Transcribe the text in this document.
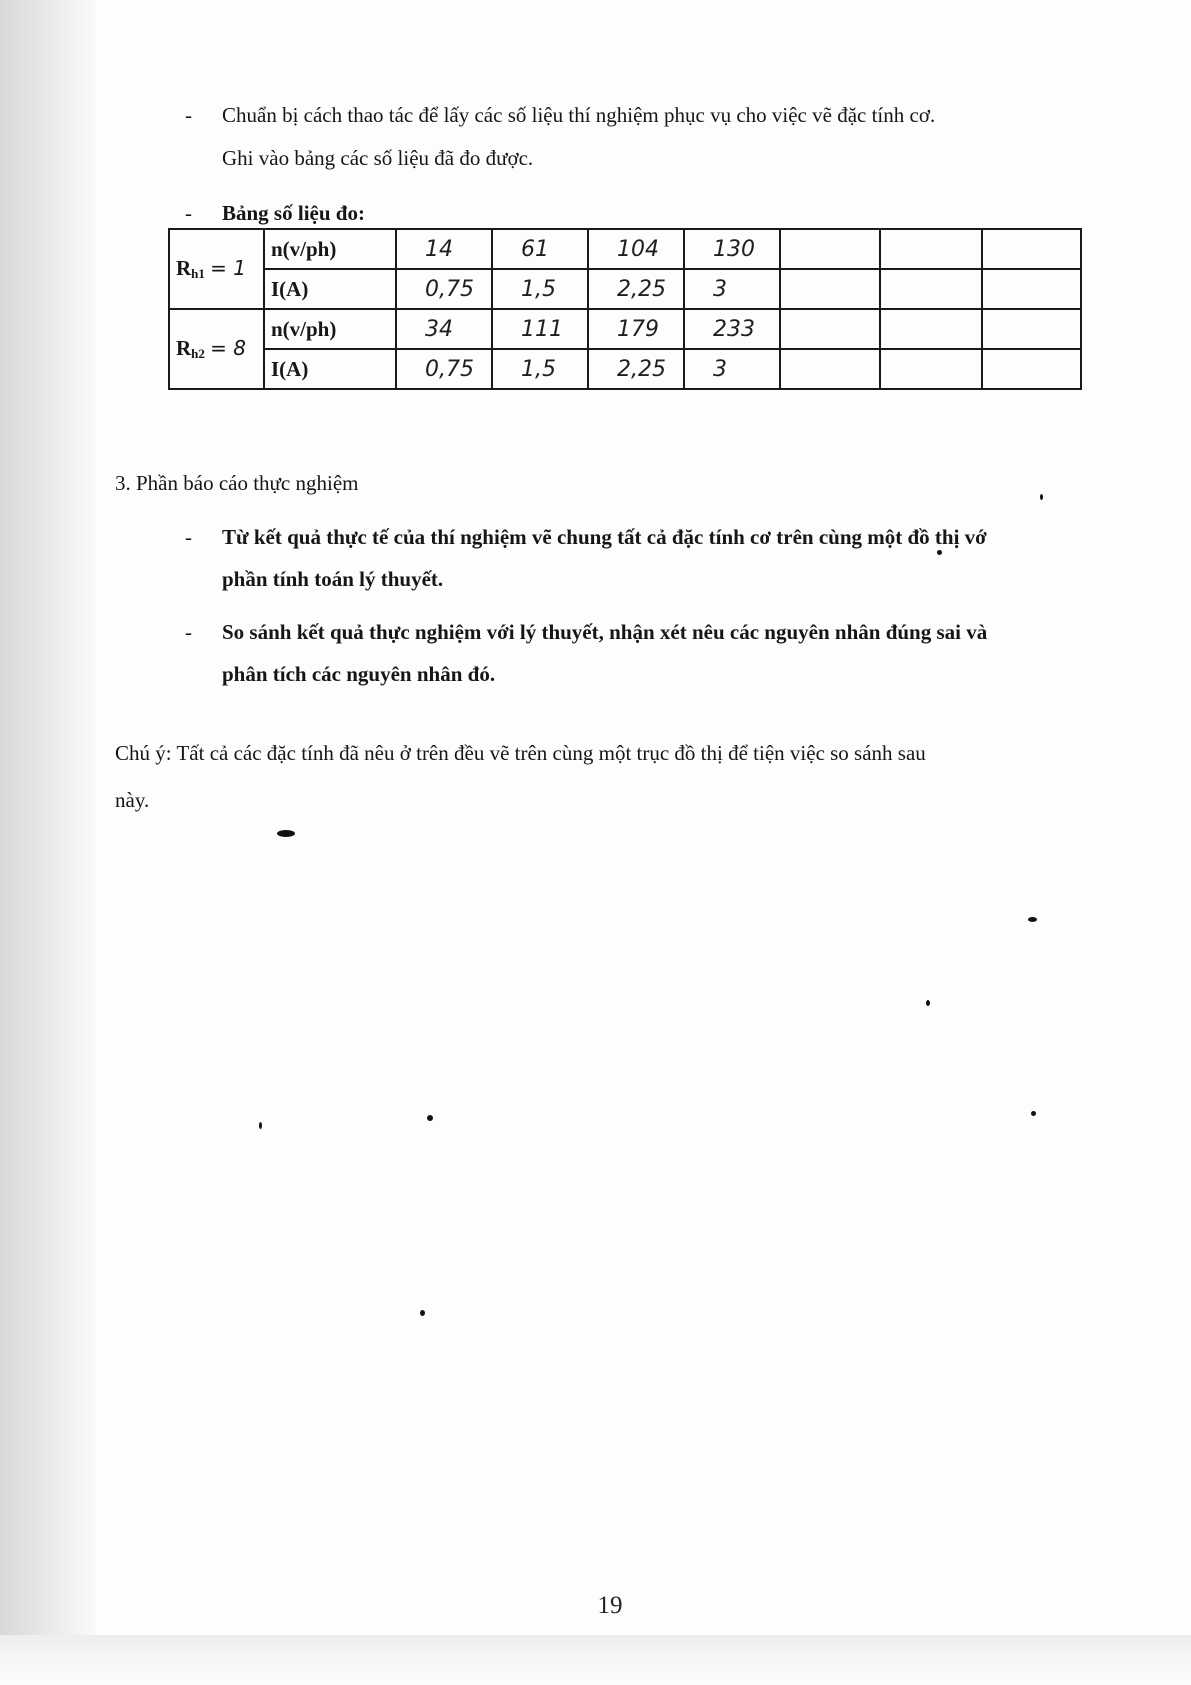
- Chuẩn bị cách thao tác để lấy các số liệu thí nghiệm phục vụ cho việc vẽ đặc tính cơ.
Ghi vào bảng các số liệu đã đo được.
- Bảng số liệu đo:
$R_{h1} = 1$	n(v/ph)	14	61	104	130			
	I(A)	0,75	1,5	2,25	3			
$R_{h2} = 8$	n(v/ph)	34	111	179	233			
	I(A)	0,75	1,5	2,25	3			
3. Phần báo cáo thực nghiệm
- Từ kết quả thực tế của thí nghiệm vẽ chung tất cả đặc tính cơ trên cùng một đồ thị vớ
phần tính toán lý thuyết.
- So sánh kết quả thực nghiệm với lý thuyết, nhận xét nêu các nguyên nhân đúng sai và
phân tích các nguyên nhân đó.
Chú ý: Tất cả các đặc tính đã nêu ở trên đều vẽ trên cùng một trục đồ thị để tiện việc so sánh sau
này.
19
